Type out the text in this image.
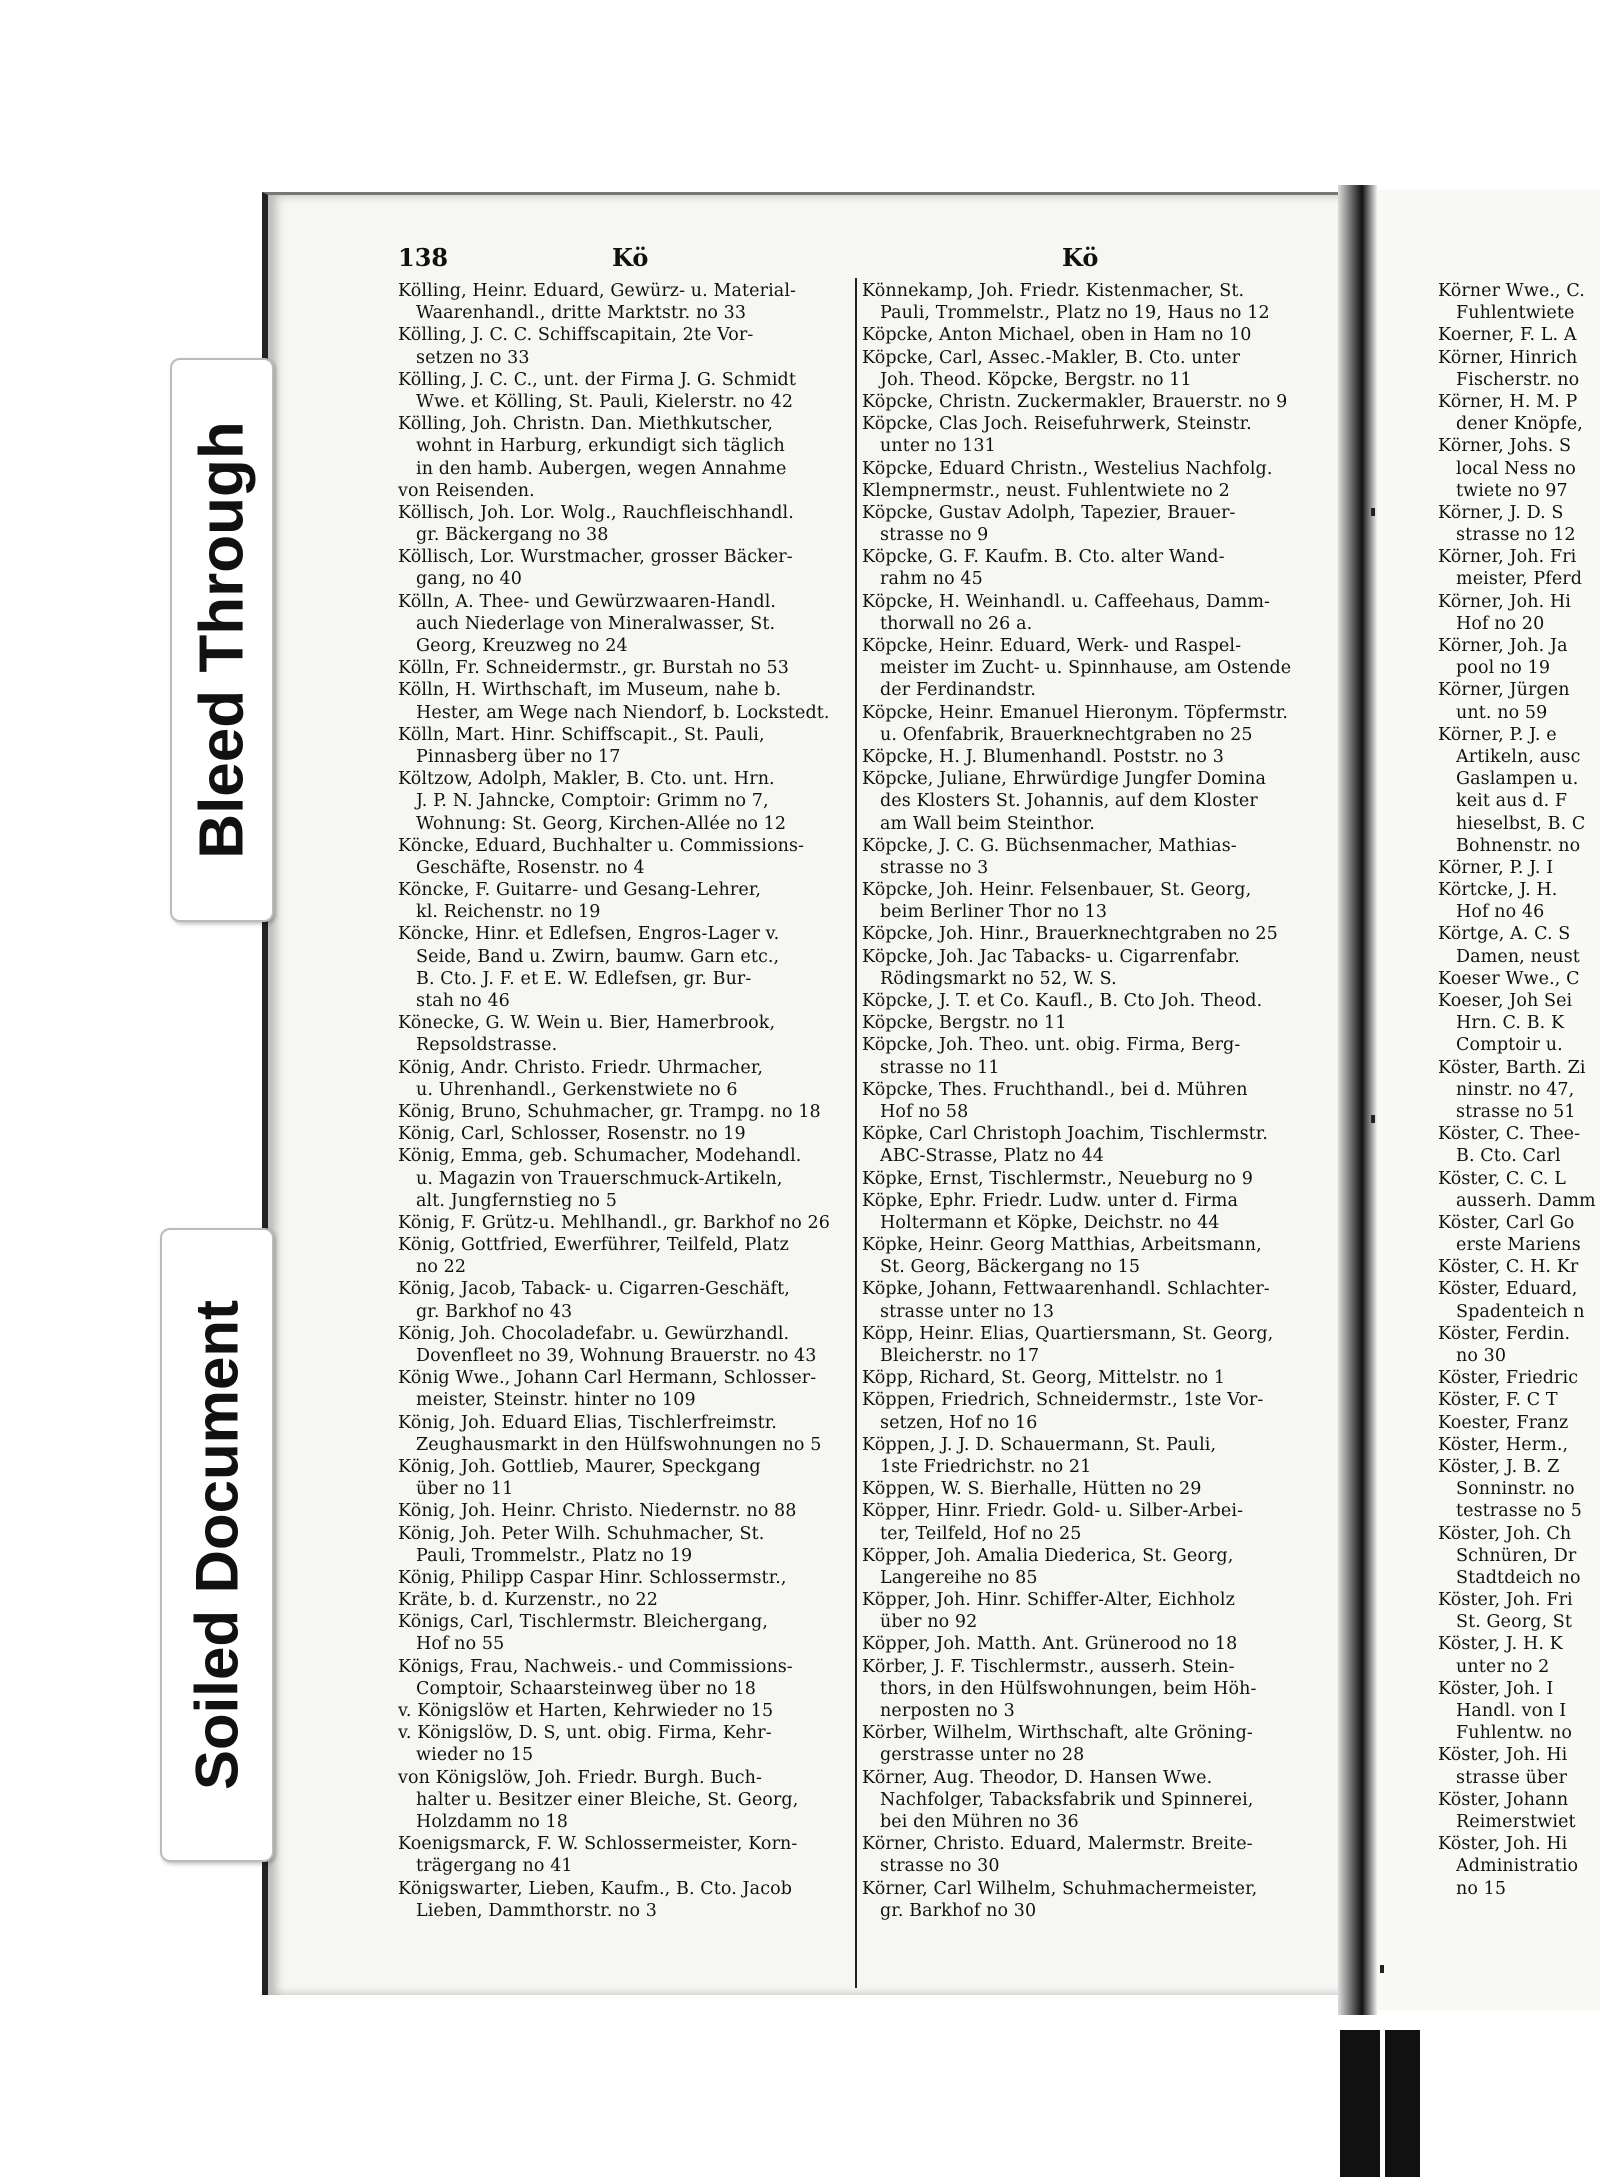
138	Kö	Kö
Kölling, Heinr. Eduard, Gewürz- u. Material-
Waarenhandl., dritte Marktstr. no 33
Kölling, J. C. C. Schiffscapitain, 2te Vor-
setzen no 33
Kölling, J. C. C., unt. der Firma J. G. Schmidt
Wwe. et Kölling, St. Pauli, Kielerstr. no 42
Kölling, Joh. Christn. Dan. Miethkutscher,
wohnt in Harburg, erkundigt sich täglich
in den hamb. Aubergen, wegen Annahme
von Reisenden.
Köllisch, Joh. Lor. Wolg., Rauchfleischhandl.
gr. Bäckergang no 38
Köllisch, Lor. Wurstmacher, grosser Bäcker-
gang, no 40
Kölln, A. Thee- und Gewürzwaaren-Handl.
auch Niederlage von Mineralwasser, St.
Georg, Kreuzweg no 24
Kölln, Fr. Schneidermstr., gr. Burstah no 53
Kölln, H. Wirthschaft, im Museum, nahe b.
Hester, am Wege nach Niendorf, b. Lockstedt.
Kölln, Mart. Hinr. Schiffscapit., St. Pauli,
Pinnasberg über no 17
Költzow, Adolph, Makler, B. Cto. unt. Hrn.
J. P. N. Jahncke, Comptoir: Grimm no 7,
Wohnung: St. Georg, Kirchen-Allée no 12
Köncke, Eduard, Buchhalter u. Commissions-
Geschäfte, Rosenstr. no 4
Köncke, F. Guitarre- und Gesang-Lehrer,
kl. Reichenstr. no 19
Köncke, Hinr. et Edlefsen, Engros-Lager v.
Seide, Band u. Zwirn, baumw. Garn etc.,
B. Cto. J. F. et E. W. Edlefsen, gr. Bur-
stah no 46
Könecke, G. W. Wein u. Bier, Hamerbrook,
Repsoldstrasse.
König, Andr. Christo. Friedr. Uhrmacher,
u. Uhrenhandl., Gerkenstwiete no 6
König, Bruno, Schuhmacher, gr. Trampg. no 18
König, Carl, Schlosser, Rosenstr. no 19
König, Emma, geb. Schumacher, Modehandl.
u. Magazin von Trauerschmuck-Artikeln,
alt. Jungfernstieg no 5
König, F. Grütz-u. Mehlhandl., gr. Barkhof no 26
König, Gottfried, Ewerführer, Teilfeld, Platz
no 22
König, Jacob, Taback- u. Cigarren-Geschäft,
gr. Barkhof no 43
König, Joh. Chocoladefabr. u. Gewürzhandl.
Dovenfleet no 39, Wohnung Brauerstr. no 43
König Wwe., Johann Carl Hermann, Schlosser-
meister, Steinstr. hinter no 109
König, Joh. Eduard Elias, Tischlerfreimstr.
Zeughausmarkt in den Hülfswohnungen no 5
König, Joh. Gottlieb, Maurer, Speckgang
über no 11
König, Joh. Heinr. Christo. Niedernstr. no 88
König, Joh. Peter Wilh. Schuhmacher, St.
Pauli, Trommelstr., Platz no 19
König, Philipp Caspar Hinr. Schlossermstr.,
Kräte, b. d. Kurzenstr., no 22
Königs, Carl, Tischlermstr. Bleichergang,
Hof no 55
Königs, Frau, Nachweis.- und Commissions-
Comptoir, Schaarsteinweg über no 18
v. Königslöw et Harten, Kehrwieder no 15
v. Königslöw, D. S, unt. obig. Firma, Kehr-
wieder no 15
von Königslöw, Joh. Friedr. Burgh. Buch-
halter u. Besitzer einer Bleiche, St. Georg,
Holzdamm no 18
Koenigsmarck, F. W. Schlossermeister, Korn-
trägergang no 41
Königswarter, Lieben, Kaufm., B. Cto. Jacob
Lieben, Dammthorstr. no 3
Könnekamp, Joh. Friedr. Kistenmacher, St.
Pauli, Trommelstr., Platz no 19, Haus no 12
Köpcke, Anton Michael, oben in Ham no 10
Köpcke, Carl, Assec.-Makler, B. Cto. unter
Joh. Theod. Köpcke, Bergstr. no 11
Köpcke, Christn. Zuckermakler, Brauerstr. no 9
Köpcke, Clas Joch. Reisefuhrwerk, Steinstr.
unter no 131
Köpcke, Eduard Christn., Westelius Nachfolg.
Klempnermstr., neust. Fuhlentwiete no 2
Köpcke, Gustav Adolph, Tapezier, Brauer-
strasse no 9
Köpcke, G. F. Kaufm. B. Cto. alter Wand-
rahm no 45
Köpcke, H. Weinhandl. u. Caffeehaus, Damm-
thorwall no 26 a.
Köpcke, Heinr. Eduard, Werk- und Raspel-
meister im Zucht- u. Spinnhause, am Ostende
der Ferdinandstr.
Köpcke, Heinr. Emanuel Hieronym. Töpfermstr.
u. Ofenfabrik, Brauerknechtgraben no 25
Köpcke, H. J. Blumenhandl. Poststr. no 3
Köpcke, Juliane, Ehrwürdige Jungfer Domina
des Klosters St. Johannis, auf dem Kloster
am Wall beim Steinthor.
Köpcke, J. C. G. Büchsenmacher, Mathias-
strasse no 3
Köpcke, Joh. Heinr. Felsenbauer, St. Georg,
beim Berliner Thor no 13
Köpcke, Joh. Hinr., Brauerknechtgraben no 25
Köpcke, Joh. Jac Tabacks- u. Cigarrenfabr.
Rödingsmarkt no 52, W. S.
Köpcke, J. T. et Co. Kaufl., B. Cto Joh. Theod.
Köpcke, Bergstr. no 11
Köpcke, Joh. Theo. unt. obig. Firma, Berg-
strasse no 11
Köpcke, Thes. Fruchthandl., bei d. Mühren
Hof no 58
Köpke, Carl Christoph Joachim, Tischlermstr.
ABC-Strasse, Platz no 44
Köpke, Ernst, Tischlermstr., Neueburg no 9
Köpke, Ephr. Friedr. Ludw. unter d. Firma
Holtermann et Köpke, Deichstr. no 44
Köpke, Heinr. Georg Matthias, Arbeitsmann,
St. Georg, Bäckergang no 15
Köpke, Johann, Fettwaarenhandl. Schlachter-
strasse unter no 13
Köpp, Heinr. Elias, Quartiersmann, St. Georg,
Bleicherstr. no 17
Köpp, Richard, St. Georg, Mittelstr. no 1
Köppen, Friedrich, Schneidermstr., 1ste Vor-
setzen, Hof no 16
Köppen, J. J. D. Schauermann, St. Pauli,
1ste Friedrichstr. no 21
Köppen, W. S. Bierhalle, Hütten no 29
Köpper, Hinr. Friedr. Gold- u. Silber-Arbei-
ter, Teilfeld, Hof no 25
Köpper, Joh. Amalia Diederica, St. Georg,
Langereihe no 85
Köpper, Joh. Hinr. Schiffer-Alter, Eichholz
über no 92
Köpper, Joh. Matth. Ant. Grünerood no 18
Körber, J. F. Tischlermstr., ausserh. Stein-
thors, in den Hülfswohnungen, beim Höh-
nerposten no 3
Körber, Wilhelm, Wirthschaft, alte Gröning-
gerstrasse unter no 28
Körner, Aug. Theodor, D. Hansen Wwe.
Nachfolger, Tabacksfabrik und Spinnerei,
bei den Mühren no 36
Körner, Christo. Eduard, Malermstr. Breite-
strasse no 30
Körner, Carl Wilhelm, Schuhmachermeister,
gr. Barkhof no 30
Körner Wwe., C.
Fuhlentwiete
Koerner, F. L. A
Körner, Hinrich
Fischerstr. no
Körner, H. M. P
dener Knöpfe,
Körner, Johs. S
local Ness no
twiete no 97
Körner, J. D. S
strasse no 12
Körner, Joh. Fri
meister, Pferd
Körner, Joh. Hi
Hof no 20
Körner, Joh. Ja
pool no 19
Körner, Jürgen
unt. no 59
Körner, P. J. e
Artikeln, ausc
Gaslampen u.
keit aus d. F
hieselbst, B. C
Bohnenstr. no
Körner, P. J. I
Körtcke, J. H.
Hof no 46
Körtge, A. C. S
Damen, neust
Koeser Wwe., C
Koeser, Joh Sei
Hrn. C. B. K
Comptoir u.
Köster, Barth. Zi
ninstr. no 47,
strasse no 51
Köster, C. Thee-
B. Cto. Carl
Köster, C. C. L
ausserh. Damm
Köster, Carl Go
erste Mariens
Köster, C. H. Kr
Köster, Eduard,
Spadenteich n
Köster, Ferdin.
no 30
Köster, Friedric
Köster, F. C T
Koester, Franz
Köster, Herm.,
Köster, J. B. Z
Sonninstr. no
testrasse no 5
Köster, Joh. Ch
Schnüren, Dr
Stadtdeich no
Köster, Joh. Fri
St. Georg, St
Köster, J. H. K
unter no 2
Köster, Joh. I
Handl. von I
Fuhlentw. no
Köster, Joh. Hi
strasse über
Köster, Johann
Reimerstwiet
Köster, Joh. Hi
Administratio
no 15
Bleed Through
Soiled Document
